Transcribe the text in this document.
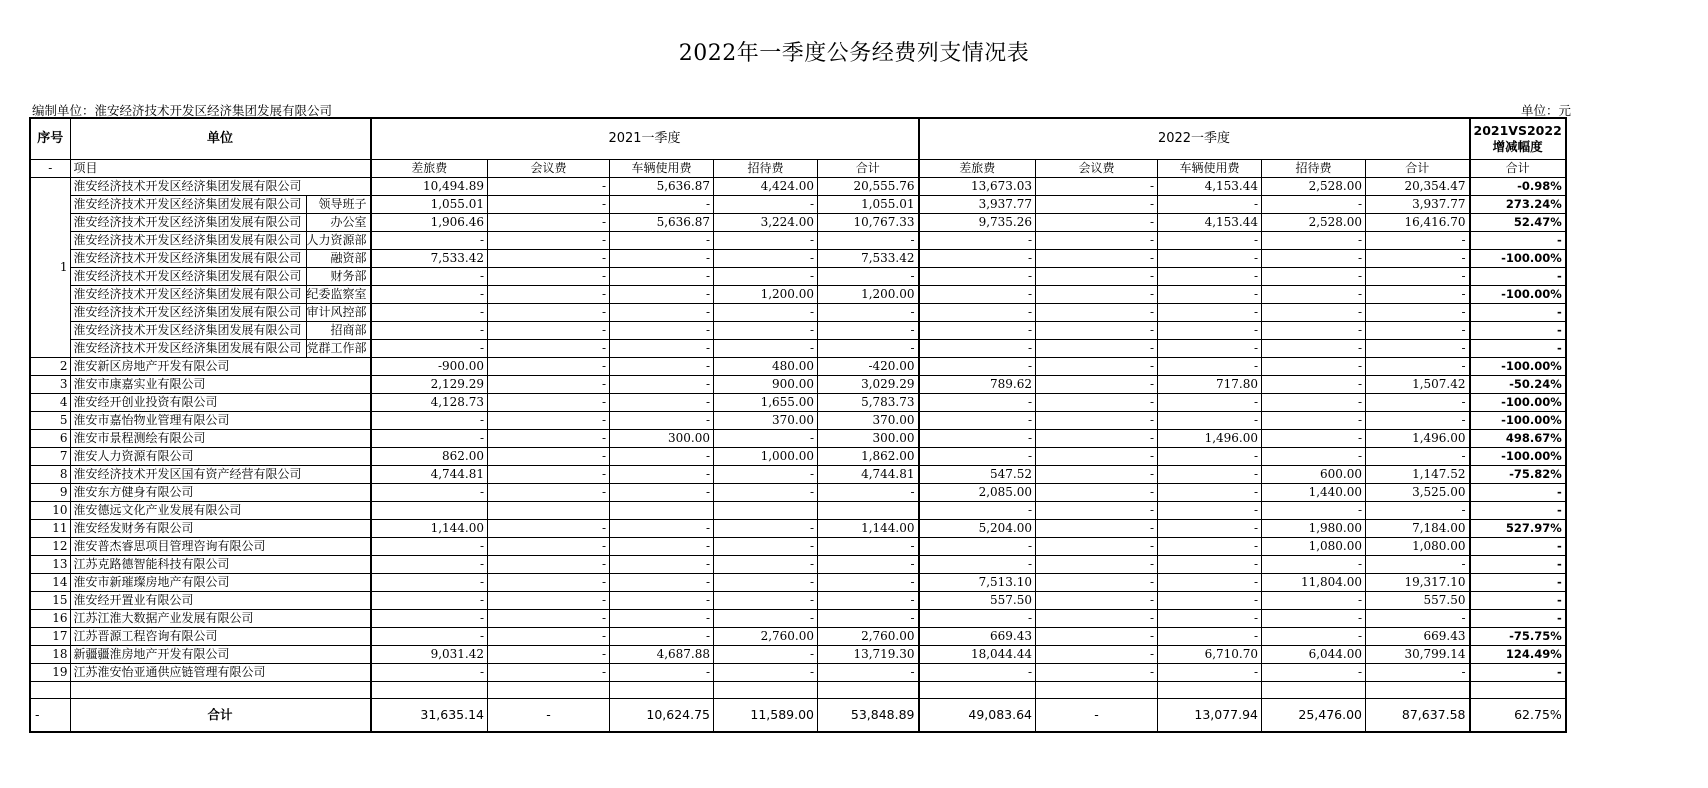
2022年一季度公务经费列支情况表
编制单位：淮安经济技术开发区经济集团发展有限公司	单位：元
序号	单位	2021一季度					2022一季度					2021VS2022 增减幅度
-	项目	差旅费	会议费	车辆使用费	招待费	合计	差旅费	会议费	车辆使用费	招待费	合计	合计
1	淮安经济技术开发区经济集团发展有限公司	10,494.89	-	5,636.87	4,424.00	20,555.76	13,673.03	-	4,153.44	2,528.00	20,354.47	-0.98%

	淮安经济技术开发区经济集团发展有限公司 领导班子	1,055.01	-	-	-	1,055.01	3,937.77	-	-	-	3,937.77	273.24%

	淮安经济技术开发区经济集团发展有限公司 办公室	1,906.46	-	5,636.87	3,224.00	10,767.33	9,735.26	-	4,153.44	2,528.00	16,416.70	52.47%

	淮安经济技术开发区经济集团发展有限公司 人力资源部	-	-	-	-	-	-	-	-	-	-	-

	淮安经济技术开发区经济集团发展有限公司 融资部	7,533.42	-	-	-	7,533.42	-	-	-	-	-	-100.00%

	淮安经济技术开发区经济集团发展有限公司 财务部	-	-	-	-	-	-	-	-	-	-	-

	淮安经济技术开发区经济集团发展有限公司 纪委监察室	-	-	-	1,200.00	1,200.00	-	-	-	-	-	-100.00%

	淮安经济技术开发区经济集团发展有限公司 审计风控部	-	-	-	-	-	-	-	-	-	-	-

	淮安经济技术开发区经济集团发展有限公司 招商部	-	-	-	-	-	-	-	-	-	-	-

	淮安经济技术开发区经济集团发展有限公司 党群工作部	-	-	-	-	-	-	-	-	-	-	-
2	淮安新区房地产开发有限公司	-900.00	-	-	480.00	-420.00	-	-	-	-	-	-100.00%
3	淮安市康嘉实业有限公司	2,129.29	-	-	900.00	3,029.29	789.62	-	717.80	-	1,507.42	-50.24%
4	淮安经开创业投资有限公司	4,128.73	-	-	1,655.00	5,783.73	-	-	-	-	-	-100.00%
5	淮安市嘉怡物业管理有限公司	-	-	-	370.00	370.00	-	-	-	-	-	-100.00%
6	淮安市景程测绘有限公司	-	-	300.00	-	300.00	-	-	1,496.00	-	1,496.00	498.67%
7	淮安人力资源有限公司	862.00	-	-	1,000.00	1,862.00	-	-	-	-	-	-100.00%
8	淮安经济技术开发区国有资产经营有限公司	4,744.81	-	-	-	4,744.81	547.52	-	-	600.00	1,147.52	-75.82%
9	淮安东方健身有限公司	-	-	-	-	-	2,085.00	-	-	1,440.00	3,525.00	-
10	淮安德远文化产业发展有限公司						-	-	-	-	-	-
11	淮安经发财务有限公司	1,144.00	-	-	-	1,144.00	5,204.00	-	-	1,980.00	7,184.00	527.97%
12	淮安普杰睿思项目管理咨询有限公司	-	-	-	-	-	-	-	-	1,080.00	1,080.00	-
13	江苏克路德智能科技有限公司	-	-	-	-	-	-	-	-	-	-	-
14	淮安市新璀璨房地产有限公司	-	-	-	-	-	7,513.10	-	-	11,804.00	19,317.10	-
15	淮安经开置业有限公司	-	-	-	-	-	557.50	-	-	-	557.50	-
16	江苏江淮大数据产业发展有限公司	-	-	-	-	-	-	-	-	-	-	-
17	江苏晋源工程咨询有限公司	-	-	-	2,760.00	2,760.00	669.43	-	-	-	669.43	-75.75%
18	新疆疆淮房地产开发有限公司	9,031.42	-	4,687.88	-	13,719.30	18,044.44	-	6,710.70	6,044.00	30,799.14	124.49%
19	江苏淮安怡亚通供应链管理有限公司	-	-	-	-	-	-	-	-	-	-	-

-	合计	31,635.14	-	10,624.75	11,589.00	53,848.89	49,083.64	-	13,077.94	25,476.00	87,637.58	62.75%
